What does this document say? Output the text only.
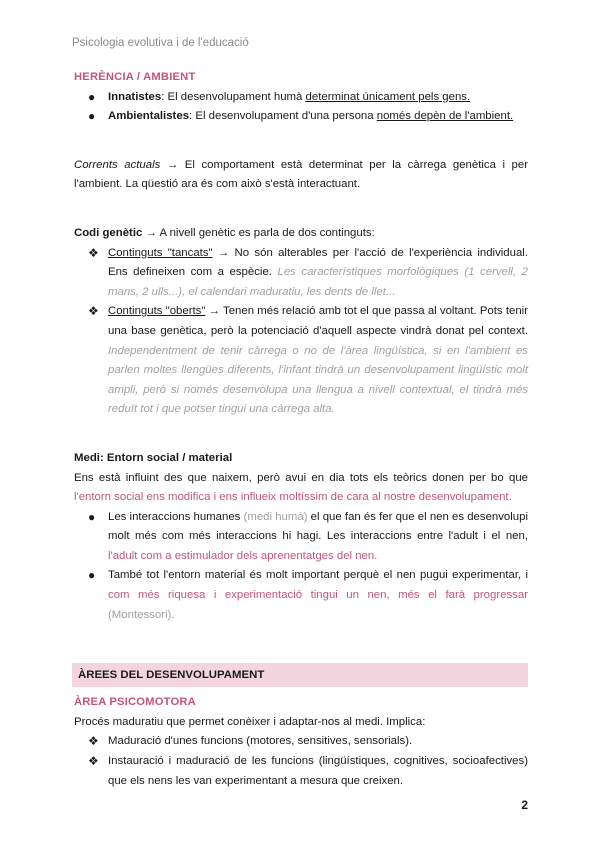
Psicologia evolutiva i de l'educació
HERÈNCIA / AMBIENT
● Innatistes: El desenvolupament humà determinat únicament pels gens.
● Ambientalistes: El desenvolupament d'una persona només depèn de l'ambient.

Corrents actuals → El comportament està determinat per la càrrega genètica i per l'ambient. La qüestió ara és com això s'està interactuant.

Codi genètic → A nivell genètic es parla de dos continguts:

❖ Continguts "tancats" → No són alterables per l'acció de l'experiència individual. Ens defineixen com a espècie. Les característiques morfològiques (1 cervell, 2 mans, 2 ulls...), el calendari maduratiu, les dents de llet...
❖ Continguts "oberts" → Tenen més relació amb tot el que passa al voltant. Pots tenir una base genètica, però la potenciació d'aquell aspecte vindrà donat pel context. Independentment de tenir càrrega o no de l'àrea lingüística, si en l'ambient es parlen moltes llengües diferents, l'infant tindrà un desenvolupament lingüístic molt ampli, però si només desenvolupa una llengua a nivell contextual, el tindrà més reduït tot i que potser tingui una càrrega alta.

Medi: Entorn social / material

Ens està influint des que naixem, però avui en dia tots els teòrics donen per bo que l'entorn social ens modifica i ens influeix moltíssim de cara al nostre desenvolupament.

● Les interaccions humanes (medi humà) el que fan és fer que el nen es desenvolupi molt més com més interaccions hi hagi. Les interaccions entre l'adult i el nen, l'adult com a estimulador dels aprenentatges del nen.
● També tot l'entorn material és molt important perquè el nen pugui experimentar, i com més riquesa i experimentació tingui un nen, més el farà progressar (Montessori).
ÀREES DEL DESENVOLUPAMENT
ÀREA PSICOMOTORA

Procés maduratiu que permet conèixer i adaptar-nos al medi. Implica:

❖ Maduració d'unes funcions (motores, sensitives, sensorials).
❖ Instauració i maduració de les funcions (lingüístiques, cognitives, socioafectives) que els nens les van experimentant a mesura que creixen.
2
